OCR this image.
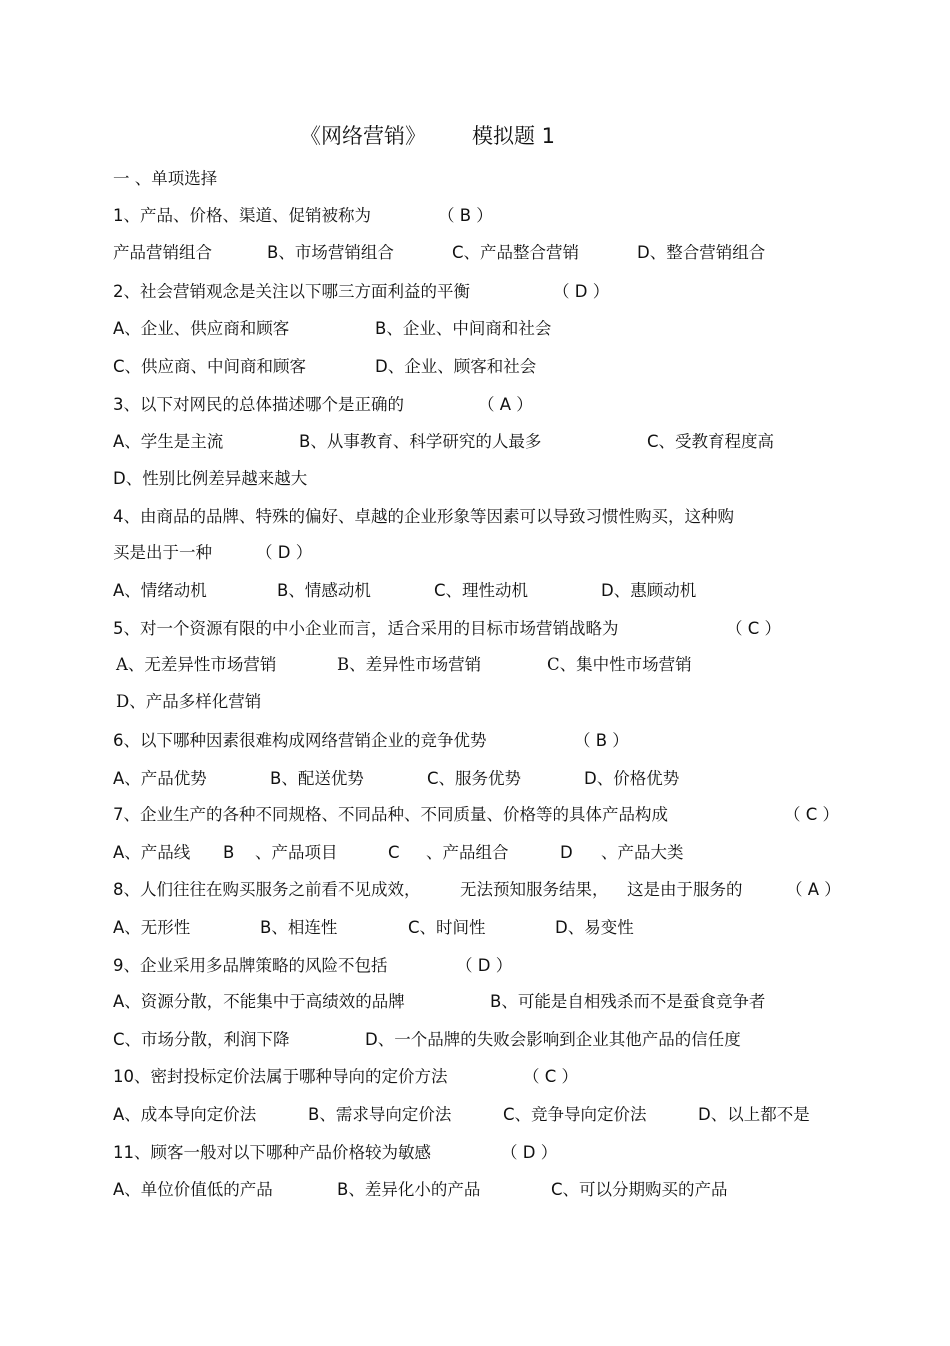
《网络营销》 模拟题 1
一 、单项选择
1、产品、价格、渠道、促销被称为	（ B ）
产品营销组合	B、市场营销组合	C、产品整合营销	D、整合营销组合
2、社会营销观念是关注以下哪三方面利益的平衡	（ D ）
A、企业、供应商和顾客	B、企业、中间商和社会
C、供应商、中间商和顾客	D、企业、顾客和社会
3、以下对网民的总体描述哪个是正确的	（ A ）
A、学生是主流	B、从事教育、科学研究的人最多	C、受教育程度高
D、性别比例差异越来越大
4、由商品的品牌、特殊的偏好、卓越的企业形象等因素可以导致习惯性购买，这种购
买是出于一种	（ D ）
A、情绪动机	B、情感动机	C、理性动机	D、惠顾动机
5、对一个资源有限的中小企业而言，适合采用的目标市场营销战略为	（ C ）
A、无差异性市场营销	B、差异性市场营销	C、集中性市场营销
D、产品多样化营销
6、以下哪种因素很难构成网络营销企业的竞争优势	（ B ）
A、产品优势	B、配送优势	C、服务优势	D、价格优势
7、企业生产的各种不同规格、不同品种、不同质量、价格等的具体产品构成	（ C ）
A、产品线 B 、产品项目	C 、产品组合	D 、产品大类
8、人们往往在购买服务之前看不见成效， 无法预知服务结果， 这是由于服务的	（ A ）
A、无形性	B、相连性	C、时间性	D、易变性
9、企业采用多品牌策略的风险不包括	（ D ）
A、资源分散，不能集中于高绩效的品牌	B、可能是自相残杀而不是蚕食竞争者
C、市场分散，利润下降	D、一个品牌的失败会影响到企业其他产品的信任度
10、密封投标定价法属于哪种导向的定价方法	（ C ）
A、成本导向定价法	B、需求导向定价法	C、竞争导向定价法	D、以上都不是
11、顾客一般对以下哪种产品价格较为敏感	（ D ）
A、单位价值低的产品	B、差异化小的产品	C、可以分期购买的产品
